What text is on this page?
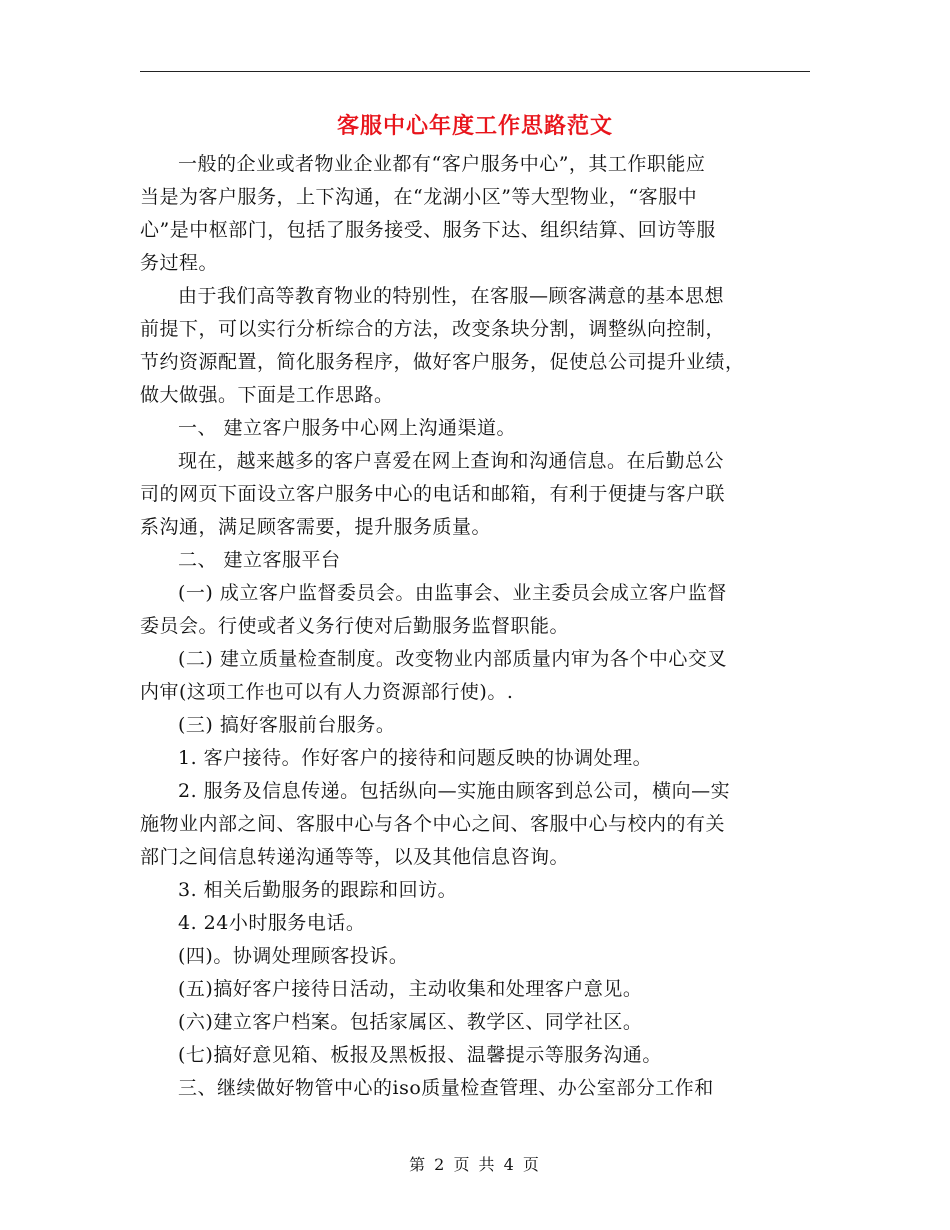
客服中心年度工作思路范文

一般的企业或者物业企业都有“客户服务中心”，其工作职能应
当是为客户服务，上下沟通，在“龙湖小区”等大型物业，“客服中
心”是中枢部门，包括了服务接受、服务下达、组织结算、回访等服
务过程。

由于我们高等教育物业的特别性，在客服—顾客满意的基本思想
前提下，可以实行分析综合的方法，改变条块分割，调整纵向控制，
节约资源配置，简化服务程序，做好客户服务，促使总公司提升业绩，
做大做强。下面是工作思路。

一、 建立客户服务中心网上沟通渠道。

现在，越来越多的客户喜爱在网上查询和沟通信息。在后勤总公
司的网页下面设立客户服务中心的电话和邮箱，有利于便捷与客户联
系沟通，满足顾客需要，提升服务质量。

二、 建立客服平台

(一) 成立客户监督委员会。由监事会、业主委员会成立客户监督
委员会。行使或者义务行使对后勤服务监督职能。

(二) 建立质量检查制度。改变物业内部质量内审为各个中心交叉
内审(这项工作也可以有人力资源部行使)。.

(三) 搞好客服前台服务。

1. 客户接待。作好客户的接待和问题反映的协调处理。

2. 服务及信息传递。包括纵向—实施由顾客到总公司，横向—实
施物业内部之间、客服中心与各个中心之间、客服中心与校内的有关
部门之间信息转递沟通等等，以及其他信息咨询。

3. 相关后勤服务的跟踪和回访。

4. 24小时服务电话。

(四)。协调处理顾客投诉。

(五)搞好客户接待日活动，主动收集和处理客户意见。

(六)建立客户档案。包括家属区、教学区、同学社区。

(七)搞好意见箱、板报及黑板报、温馨提示等服务沟通。

三、继续做好物管中心的iso质量检查管理、办公室部分工作和

第 2 页 共 4 页
